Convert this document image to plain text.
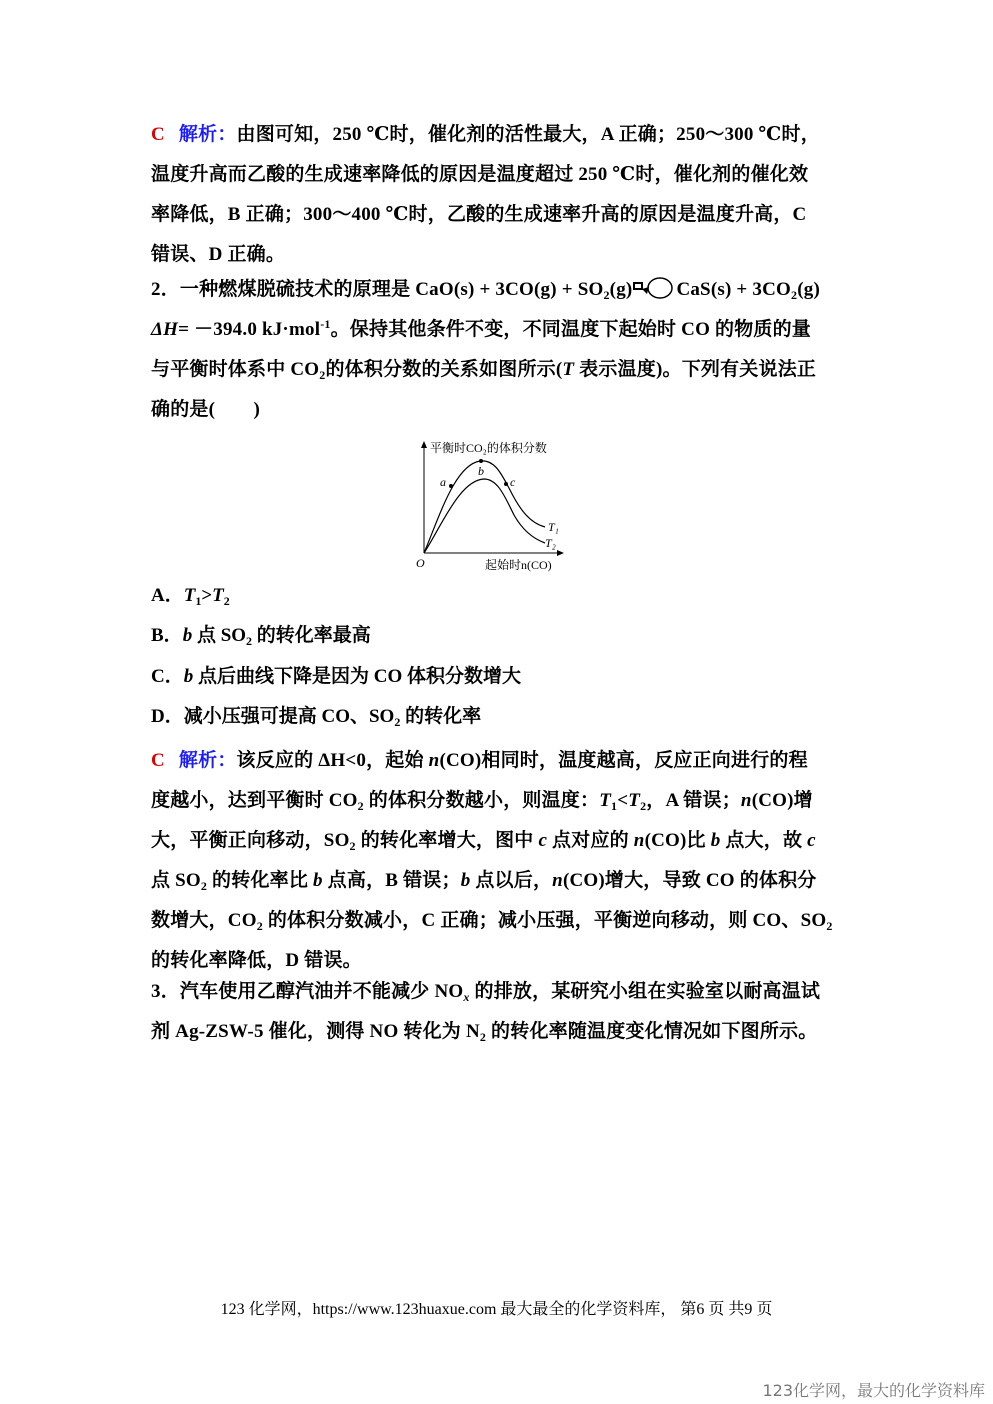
C 解析：由图可知，250 ℃时，催化剂的活性最大，A 正确；250～300 ℃时，
温度升高而乙酸的生成速率降低的原因是温度超过 250 ℃时，催化剂的催化效
率降低，B 正确；300～400 ℃时，乙酸的生成速率升高的原因是温度升高，C
错误、D 正确。
2．一种燃煤脱硫技术的原理是 $CaO(s) + 3CO(g) + SO_2(g) CaS(s) + 3CO_2(g)$
ΔH= －394.0 kJ·mol$^{-1}$。保持其他条件不变，不同温度下起始时 CO 的物质的量
与平衡时体系中 $CO_2$的体积分数的关系如图所示(T 表示温度)。下列有关说法正
确的是(　　)
平衡时CO₂的体积分数
起始时n(CO)
O
a
b
c
T₁
T₂
A．$T_1>T_2$
B．b 点 $SO_2$ 的转化率最高
C．b 点后曲线下降是因为 CO 体积分数增大
D．减小压强可提高 CO、$SO_2$ 的转化率
C 解析：该反应的 ΔH<0，起始 n(CO)相同时，温度越高，反应正向进行的程
度越小，达到平衡时 $CO_2$ 的体积分数越小，则温度：$T_1<T_2$，A 错误；n(CO)增
大，平衡正向移动，$SO_2$ 的转化率增大，图中 c 点对应的 n(CO)比 b 点大，故 c
点 $SO_2$ 的转化率比 b 点高，B 错误；b 点以后，n(CO)增大，导致 CO 的体积分
数增大，$CO_2$ 的体积分数减小，C 正确；减小压强，平衡逆向移动，则 CO、$SO_2$
的转化率降低，D 错误。
3．汽车使用乙醇汽油并不能减少 $NO_x$ 的排放，某研究小组在实验室以耐高温试
剂 Ag-ZSW-5 催化，测得 NO 转化为 $N_2$ 的转化率随温度变化情况如下图所示。
123 化学网，https://www.123huaxue.com 最大最全的化学资料库， 第6 页 共9 页
123化学网，最大的化学资料库
